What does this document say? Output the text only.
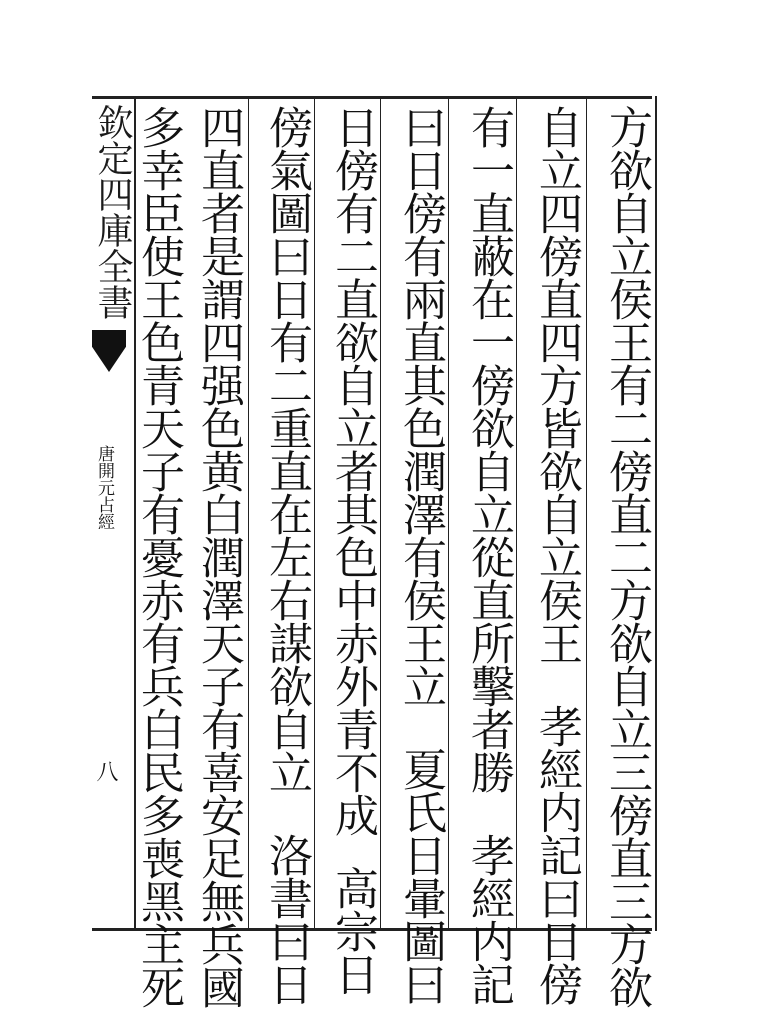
欽定四庫全書
唐開元占經
八	方欲自立侯王有二傍直二方欲自立三傍直三方欲
自立四傍直四方皆欲自立侯王孝經内記曰日傍
有一直蔽在一傍欲自立從直所擊者勝孝經内記
曰日傍有兩直其色潤澤有侯王立夏氏日暈圖曰
日傍有二直欲自立者其色中赤外青不成高宗日
傍氣圖曰日有二重直在左右謀欲自立洛書曰日
四直者是謂四强色黄白潤澤天子有喜安足無兵國
多幸臣使王色青天子有憂赤有兵白民多喪黑主死
